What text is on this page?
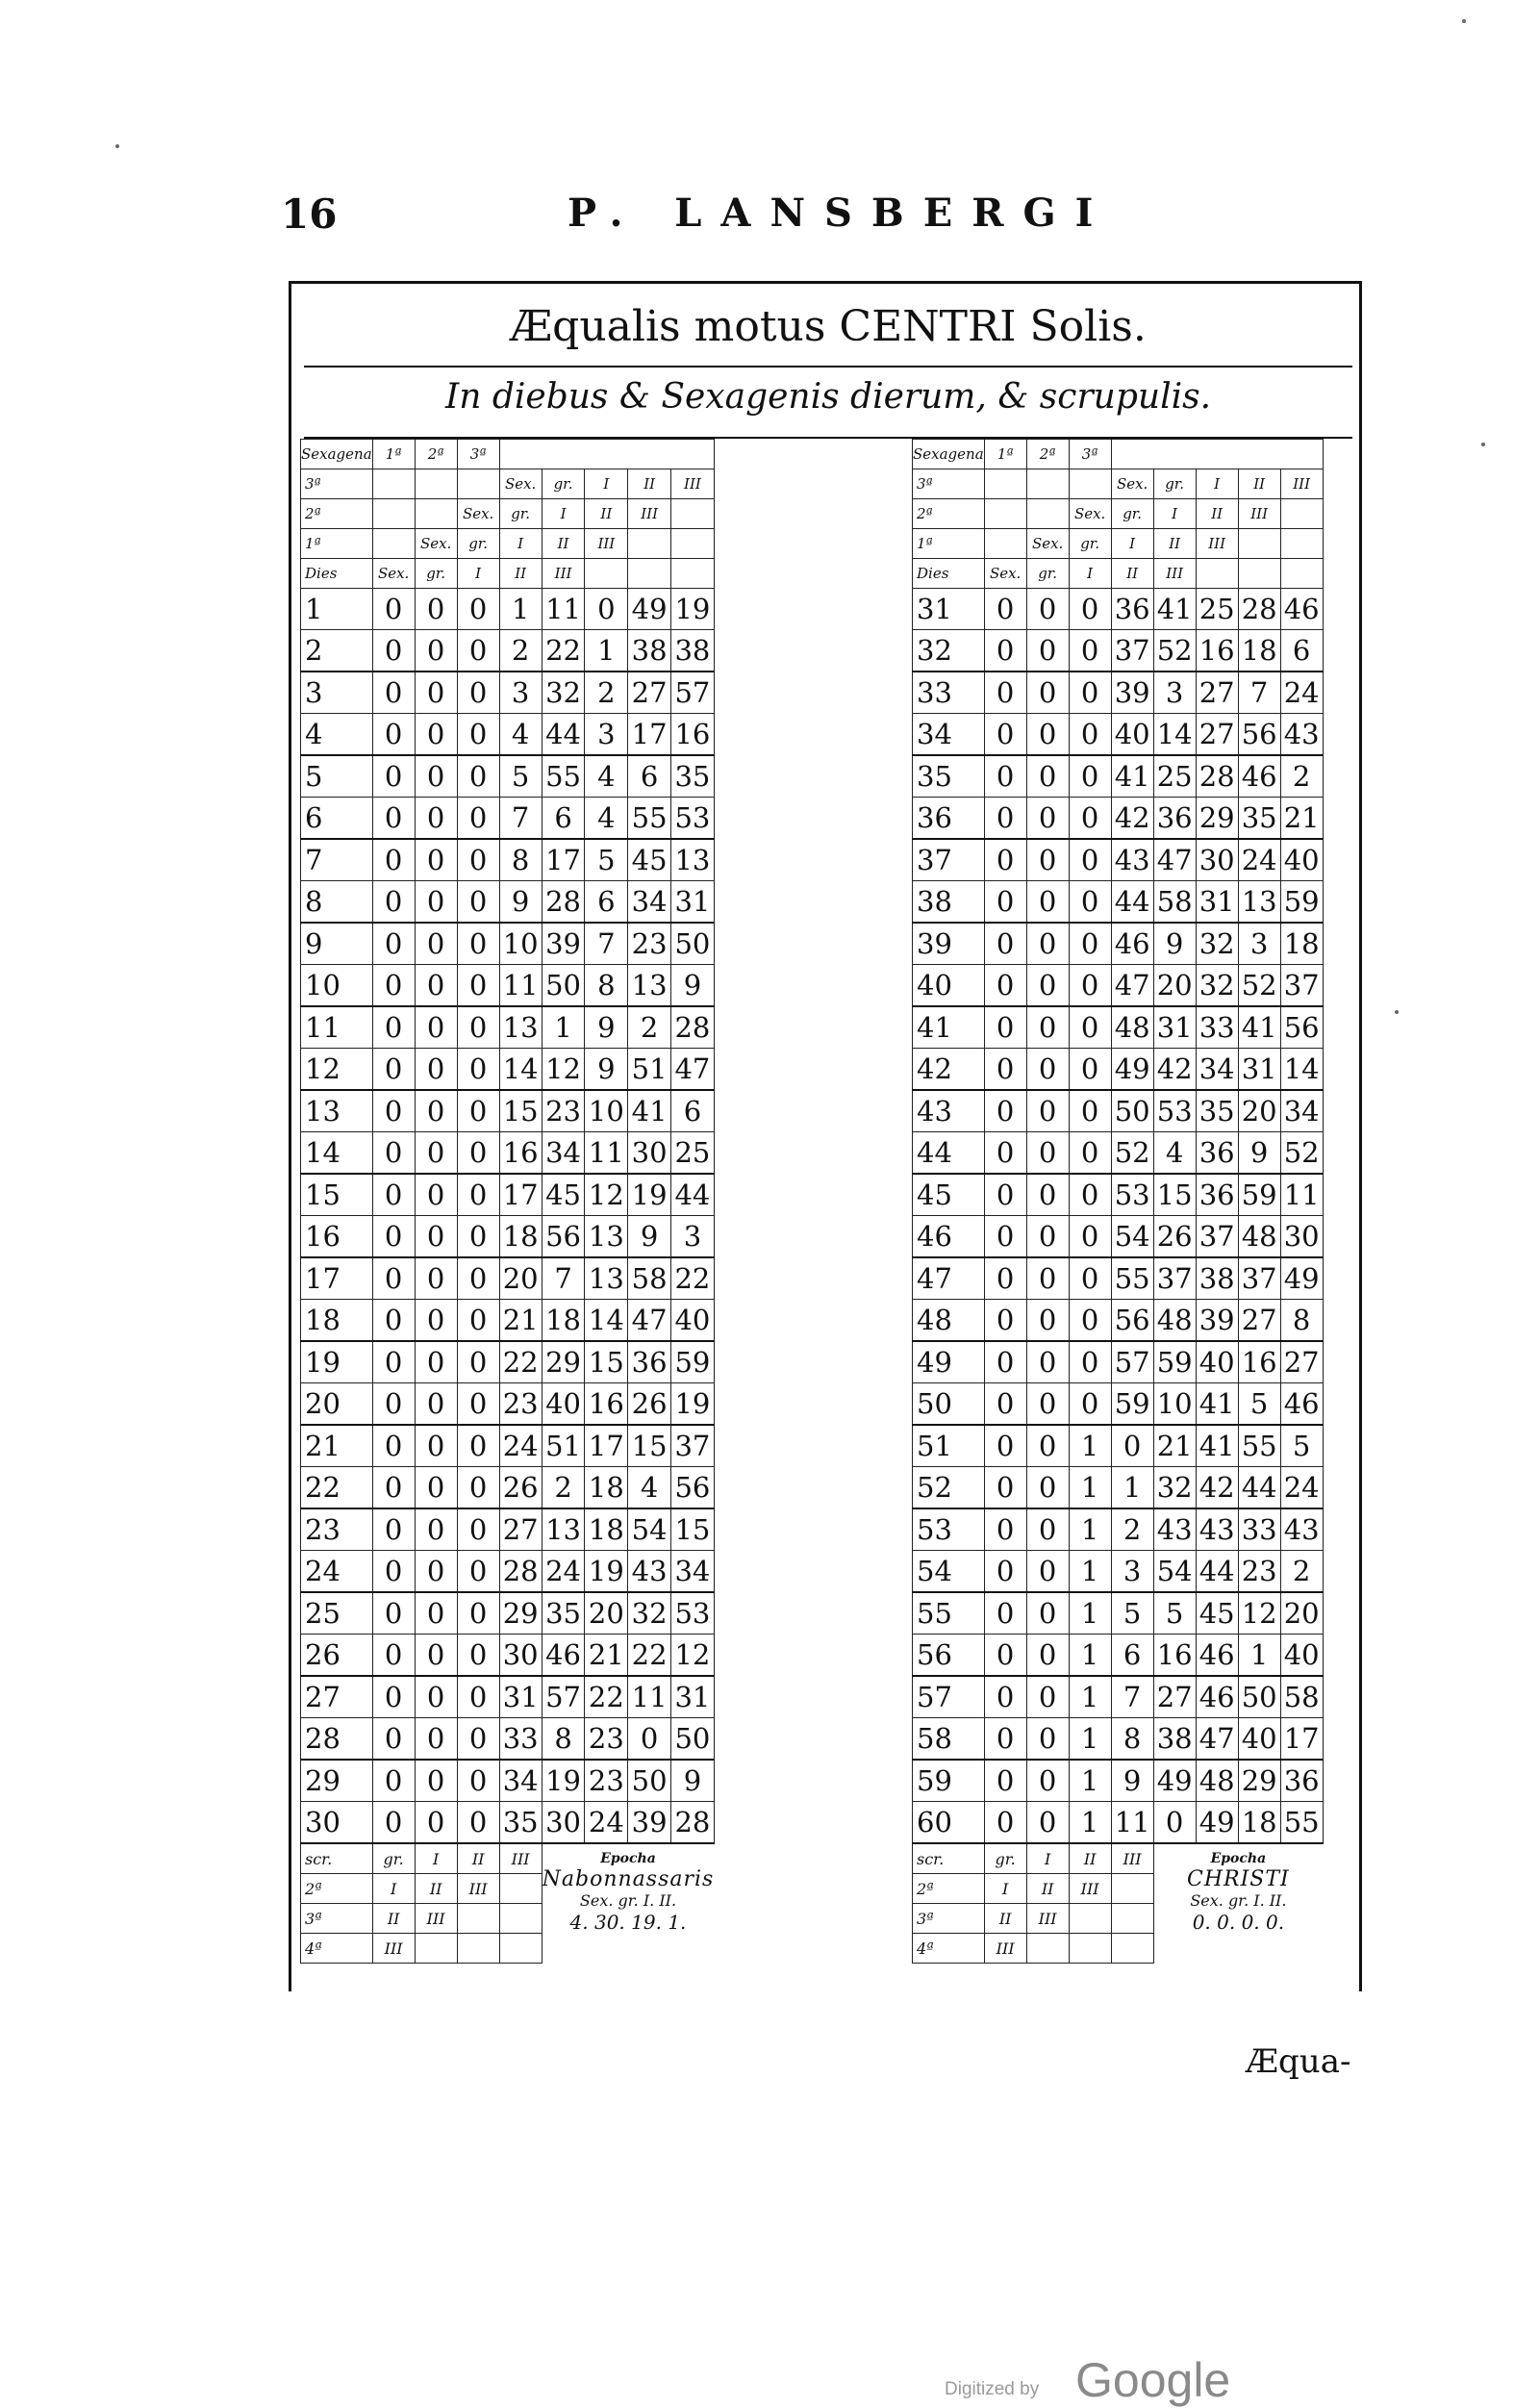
16	P. LANSBERGI
Æqualis motus CENTRI Solis.
In diebus & Sexagenis dierum, & scrupulis.
Sexagena	1ª	2ª	3ª					
3ª				Sex.	gr.	I	II	III
2ª			Sex.	gr.	I	II	III	
1ª		Sex.	gr.	I	II	III		
Dies	Sex.	gr.	I	II	III			
1	0	0	0	1	11	0	49	19
2	0	0	0	2	22	1	38	38
3	0	0	0	3	32	2	27	57
4	0	0	0	4	44	3	17	16
5	0	0	0	5	55	4	6	35
6	0	0	0	7	6	4	55	53
7	0	0	0	8	17	5	45	13
8	0	0	0	9	28	6	34	31
9	0	0	0	10	39	7	23	50
10	0	0	0	11	50	8	13	9
11	0	0	0	13	1	9	2	28
12	0	0	0	14	12	9	51	47
13	0	0	0	15	23	10	41	6
14	0	0	0	16	34	11	30	25
15	0	0	0	17	45	12	19	44
16	0	0	0	18	56	13	9	3
17	0	0	0	20	7	13	58	22
18	0	0	0	21	18	14	47	40
19	0	0	0	22	29	15	36	59
20	0	0	0	23	40	16	26	19
21	0	0	0	24	51	17	15	37
22	0	0	0	26	2	18	4	56
23	0	0	0	27	13	18	54	15
24	0	0	0	28	24	19	43	34
25	0	0	0	29	35	20	32	53
26	0	0	0	30	46	21	22	12
27	0	0	0	31	57	22	11	31
28	0	0	0	33	8	23	0	50
29	0	0	0	34	19	23	50	9
30	0	0	0	35	30	24	39	28
scr.	gr.	I	II	III	Epocha
Nabonnassaris
Sex. gr. I. II.
4. 30. 19. 1.			

2ª	I	II	III					
3ª	II	III						
4ª	III							
Sexagena	1ª	2ª	3ª					
3ª				Sex.	gr.	I	II	III
2ª			Sex.	gr.	I	II	III	
1ª		Sex.	gr.	I	II	III		
Dies	Sex.	gr.	I	II	III			
31	0	0	0	36	41	25	28	46
32	0	0	0	37	52	16	18	6
33	0	0	0	39	3	27	7	24
34	0	0	0	40	14	27	56	43
35	0	0	0	41	25	28	46	2
36	0	0	0	42	36	29	35	21
37	0	0	0	43	47	30	24	40
38	0	0	0	44	58	31	13	59
39	0	0	0	46	9	32	3	18
40	0	0	0	47	20	32	52	37
41	0	0	0	48	31	33	41	56
42	0	0	0	49	42	34	31	14
43	0	0	0	50	53	35	20	34
44	0	0	0	52	4	36	9	52
45	0	0	0	53	15	36	59	11
46	0	0	0	54	26	37	48	30
47	0	0	0	55	37	38	37	49
48	0	0	0	56	48	39	27	8
49	0	0	0	57	59	40	16	27
50	0	0	0	59	10	41	5	46
51	0	0	1	0	21	41	55	5
52	0	0	1	1	32	42	44	24
53	0	0	1	2	43	43	33	43
54	0	0	1	3	54	44	23	2
55	0	0	1	5	5	45	12	20
56	0	0	1	6	16	46	1	40
57	0	0	1	7	27	46	50	58
58	0	0	1	8	38	47	40	17
59	0	0	1	9	49	48	29	36
60	0	0	1	11	0	49	18	55
scr.	gr.	I	II	III	Epocha
CHRISTI
Sex. gr. I. II.
0. 0. 0. 0.			

2ª	I	II	III					
3ª	II	III						
4ª	III							
Æqua-
Digitized by Google
